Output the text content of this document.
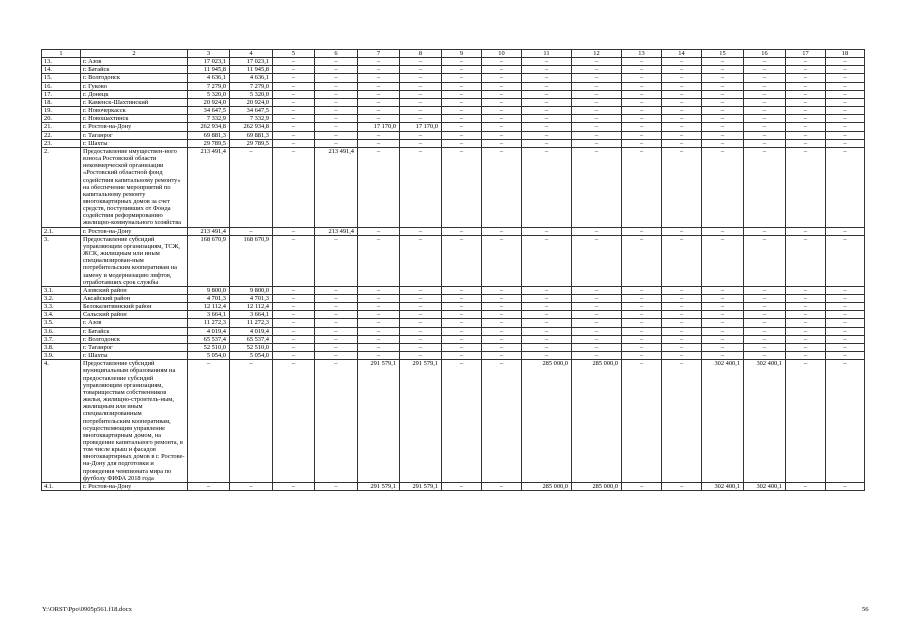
1	2	3	4	5	6	7	8	9	10	11	12	13	14	15	16	17	18
13.	г. Азов	17 023,1	17 023,1	–	–	–	–	–	–	–	–	–	–	–	–	–	–
14.	г. Батайск	11 945,8	11 945,8	–	–	–	–	–	–	–	–	–	–	–	–	–	–
15.	г. Волгодонск	4 636,1	4 636,1	–	–	–	–	–	–	–	–	–	–	–	–	–	–
16.	г. Гуково	7 279,0	7 279,0	–	–	–	–	–	–	–	–	–	–	–	–	–	–
17.	г. Донецк	5 320,0	5 320,0	–	–	–	–	–	–	–	–	–	–	–	–	–	–
18.	г. Каменск-Шахтинский	20 924,0	20 924,0	–	–	–	–	–	–	–	–	–	–	–	–	–	–
19.	г. Новочеркасск	34 647,5	34 647,5	–	–	–	–	–	–	–	–	–	–	–	–	–	–
20.	г. Новошахтинск	7 332,9	7 332,9	–	–	–	–	–	–	–	–	–	–	–	–	–	–
21.	г. Ростов-на-Дону	262 934,8	262 934,8	–	–	17 170,0	17 170,0	–	–	–	–	–	–	–	–	–	–
22.	г. Таганрог	69 881,3	69 881,3	–	–	–	–	–	–	–	–	–	–	–	–	–	–
23.	г. Шахты	29 789,5	29 789,5	–	–	–	–	–	–	–	–	–	–	–	–	–	–
2.	Предоставление имуществен-ного взноса Ростовской области некоммерческой организации «Ростовский областной фонд содействия капитальному ремонту» на обеспечение мероприятий по капитальному ремонту многоквартирных домов за счет средств, поступивших от Фонда содействия реформированию жилищно-коммунального хозяйства	213 491,4	–	–	213 491,4	–	–	–	–	–	–	–	–	–	–	–	–
2.1.	г. Ростов-на-Дону	213 491,4	–	–	213 491,4	–	–	–	–	–	–	–	–	–	–	–	–
3.	Предоставление субсидий управляющим организациям, ТСЖ, ЖСК, жилищным или иным специализирован-ным потребительским кооперативам на замену и модернизацию лифтов, отработавших срок службы	168 670,9	168 670,9	–	–	–	–	–	–	–	–	–	–	–	–	–	–
3.1.	Азовский район	9 800,0	9 800,0	–	–	–	–	–	–	–	–	–	–	–	–	–	–
3.2.	Аксайский район	4 701,3	4 701,3	–	–	–	–	–	–	–	–	–	–	–	–	–	–
3.3.	Белокалитвинский район	12 112,4	12 112,4	–	–	–	–	–	–	–	–	–	–	–	–	–	–
3.4.	Сальский район	3 664,1	3 664,1	–	–	–	–	–	–	–	–	–	–	–	–	–	–
3.5.	г. Азов	11 272,3	11 272,3	–	–	–	–	–	–	–	–	–	–	–	–	–	–
3.6.	г. Батайск	4 019,4	4 019,4	–	–	–	–	–	–	–	–	–	–	–	–	–	–
3.7.	г. Волгодонск	65 537,4	65 537,4	–	–	–	–	–	–	–	–	–	–	–	–	–	–
3.8.	г. Таганрог	52 510,0	52 510,0	–	–	–	–	–	–	–	–	–	–	–	–	–	–
3.9.	г. Шахты	5 054,0	5 054,0	–	–	–	–	–	–	–	–	–	–	–	–	–	–
4.	Предоставление субсидий муниципальным образованиям на предоставление субсидий управляющим организациям, товариществам собственников жилья, жилищно-строитель-ным, жилищным или иным специализированным потребительским кооперативам, осуществляющим управление многоквартирным домом, на проведение капитального ремонта, в том числе крыш и фасадов многоквартирных домов в г. Ростове-на-Дону для подготовки и проведения чемпионата мира по футболу ФИФА 2018 года	–	–	–	–	291 579,1	291 579,1	–	–	285 000,0	285 000,0	–	–	302 400,1	302 400,1	–	–
4.1.	г. Ростов-на-Дону	–	–	–	–	291 579,1	291 579,1	–	–	285 000,0	285 000,0	–	–	302 400,1	302 400,1	–	–
Y:\ORST\Ppo\0905p561.f18.docx	56
